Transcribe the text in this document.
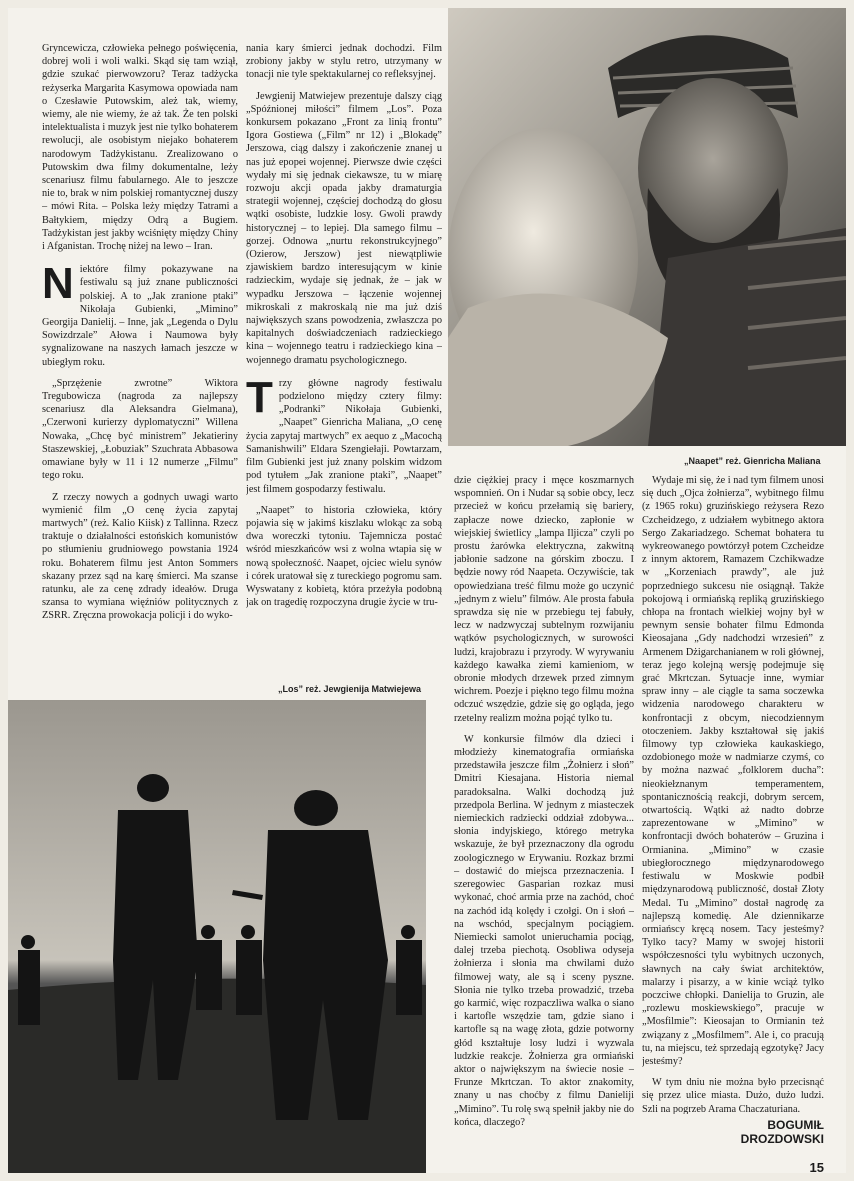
Gryncewicza, człowieka pełnego poświęcenia, dobrej woli i woli walki. Skąd się tam wziął, gdzie szukać pierwowzoru? Teraz tadżycka reżyserka Margarita Kasymowa opowiada nam o Czesławie Putowskim, ależ tak, wiemy, wiemy, ale nie wiemy, że aż tak. Że ten polski intelektualista i muzyk jest nie tylko bohaterem rewolucji, ale osobistym niejako bohaterem narodowym Tadżykistanu. Zrealizowano o Putowskim dwa filmy dokumentalne, leży scenariusz filmu fabularnego. Ale to jeszcze nie to, brak w nim polskiej romantycznej duszy – mówi Rita. – Polska leży między Tatrami a Bałtykiem, między Odrą a Bugiem. Tadżykistan jest jakby wciśnięty między Chiny i Afganistan. Trochę niżej na lewo – Iran.

Niektóre filmy pokazywane na festiwalu są już znane publiczności polskiej. A to „Jak zranione ptaki” Nikołaja Gubienki, „Mimino” Georgija Danielij. – Inne, jak „Legenda o Dylu Sowizdrzale” Ałowa i Naumowa były sygnalizowane na naszych łamach jeszcze w ubiegłym roku.

„Sprzężenie zwrotne” Wiktora Tregubowicza (nagroda za najlepszy scenariusz dla Aleksandra Gielmana), „Czerwoni kurierzy dyplomatyczni” Willena Nowaka, „Chcę być ministrem” Jekatieriny Staszewskiej, „Łobuziak” Szuchrata Abbasowa omawiane były w 11 i 12 numerze „Filmu” tego roku.

Z rzeczy nowych a godnych uwagi warto wymienić film „O cenę życia zapytaj martwych” (reż. Kalio Kiisk) z Tallinna. Rzecz traktuje o działalności estońskich komunistów po stłumieniu grudniowego powstania 1924 roku. Bohaterem filmu jest Anton Sommers skazany przez sąd na karę śmierci. Ma szanse ratunku, ale za cenę zdrady ideałów. Druga szansa to wymiana więźniów politycznych z ZSRR. Zręczna prowokacja policji i do wyko-

nania kary śmierci jednak dochodzi. Film zrobiony jakby w stylu retro, utrzymany w tonacji nie tyle spektakularnej co refleksyjnej.

Jewgienij Matwiejew prezentuje dalszy ciąg „Spóźnionej miłości” filmem „Los”. Poza konkursem pokazano „Front za linią frontu” Igora Gostiewa („Film” nr 12) i „Blokadę” Jerszowa, ciąg dalszy i zakończenie znanej u nas już epopei wojennej. Pierwsze dwie części wydały mi się jednak ciekawsze, tu w miarę rozwoju akcji opada jakby dramaturgia strategii wojennej, częściej dochodzą do głosu wątki osobiste, ludzkie losy. Gwoli prawdy historycznej – to lepiej. Dla samego filmu – gorzej. Odnowa „nurtu rekonstrukcyjnego” (Ozierow, Jerszow) jest niewątpliwie zjawiskiem bardzo interesującym w kinie radzieckim, wydaje się jednak, że – jak w wypadku Jerszowa – łączenie wojennej mikroskali z makroskalą nie ma już dziś największych szans powodzenia, zwłaszcza po kapitalnych doświadczeniach radzieckiego kina – wojennego teatru i radzieckiego kina – wojennego dramatu psychologicznego.

Trzy główne nagrody festiwalu podzielono między cztery filmy: „Podranki” Nikołaja Gubienki, „Naapet” Gienricha Maliana, „O cenę życia zapytaj martwych” ex aequo z „Macochą Samanishwili” Eldara Szengiełaji. Powtarzam, film Gubienki jest już znany polskim widzom pod tytułem „Jak zranione ptaki”, „Naapet” jest filmem gospodarzy festiwalu.

„Naapet” to historia człowieka, który pojawia się w jakimś kiszlaku wlokąc za sobą dwa woreczki tytoniu. Tajemnicza postać wśród mieszkańców wsi z wolna wtapia się w nową społeczność. Naapet, ojciec wielu synów i córek uratował się z tureckiego pogromu sam. Wyswatany z kobietą, która przeżyła podobną jak on tragedię rozpoczyna drugie życie w tru-

„Los” reż. Jewgienija Matwiejewa
„Naapet” reż. Gienricha Maliana

dzie ciężkiej pracy i męce koszmarnych wspomnień. On i Nudar są sobie obcy, lecz przecież w końcu przełamią się bariery, zapłacze nowe dziecko, zapłonie w wiejskiej świetlicy „lampa Iljicza” czyli po prostu żarówka elektryczna, zakwitną jabłonie sadzone na górskim zboczu. I będzie nowy ród Naapeta. Oczywiście, tak opowiedziana treść filmu może go uczynić „jednym z wielu” filmów. Ale prosta fabuła sprawdza się nie w przebiegu tej fabuły, lecz w nadzwyczaj subtelnym rozwijaniu wątków psychologicznych, w surowości ludzi, krajobrazu i przyrody. W wyrywaniu każdego kawałka ziemi kamieniom, w obronie młodych drzewek przed zimnym wichrem. Poezje i piękno tego filmu można odczuć wszędzie, gdzie się go ogląda, jego rzetelny realizm można pojąć tylko tu.

W konkursie filmów dla dzieci i młodzieży kinematografia ormiańska przedstawiła jeszcze film „Żołnierz i słoń” Dmitri Kiesajana. Historia niemal paradoksalna. Walki dochodzą już przedpola Berlina. W jednym z miasteczek niemieckich radziecki oddział zdobywa... słonia indyjskiego, którego metryka wskazuje, że był przeznaczony dla ogrodu zoologicznego w Erywaniu. Rozkaz brzmi – dostawić do miejsca przeznaczenia. I szeregowiec Gasparian rozkaz musi wykonać, choć armia prze na zachód, choć na zachód idą kolędy i czołgi. On i słoń – na wschód, specjalnym pociągiem. Niemiecki samolot unieruchamia pociąg, dalej trzeba piechotą. Osobliwa odyseja żołnierza i słonia ma chwilami dużo filmowej waty, ale są i sceny pyszne. Słonia nie tylko trzeba prowadzić, trzeba go karmić, więc rozpaczliwa walka o siano i kartofle wszędzie tam, gdzie siano i kartofle są na wagę złota, gdzie potworny głód kształtuje losy ludzi i wyzwala ludzkie reakcje. Żołnierza gra ormiański aktor o największym na świecie nosie – Frunze Mkrtczan. To aktor znakomity, znany u nas choćby z filmu Danieliji „Mimino”. Tu rolę swą spełnił jakby nie do końca, dlaczego?

Wydaje mi się, że i nad tym filmem unosi się duch „Ojca żołnierza”, wybitnego filmu (z 1965 roku) gruzińskiego reżysera Rezo Czcheidzego, z udziałem wybitnego aktora Sergo Zakariadzego. Schemat bohatera tu wykreowanego powtórzył potem Czcheidze z innym aktorem, Ramazem Czchikwadze w „Korzeniach prawdy”, ale już poprzedniego sukcesu nie osiągnął. Także pokojową i ormiańską repliką gruzińskiego chłopa na frontach wielkiej wojny był w pewnym sensie bohater filmu Edmonda Kieosajana „Gdy nadchodzi wrzesień” z Armenem Dżigarchanianem w roli głównej, teraz jego kolejną wersję podejmuje się grać Mkrtczan. Sytuacje inne, wymiar spraw inny – ale ciągle ta sama soczewka widzenia narodowego charakteru w konfrontacji z obcym, niecodziennym otoczeniem. Jakby kształtował się jakiś filmowy typ człowieka kaukaskiego, ozdobionego może w nadmiarze czymś, co by można nazwać „folklorem ducha”: nieokiełznanym temperamentem, spontanicznością reakcji, dobrym sercem, otwartością. Wątki aż nadto dobrze zaprezentowane w „Mimino” w konfrontacji dwóch bohaterów – Gruzina i Ormianina. „Mimino” w czasie ubiegłorocznego międzynarodowego festiwalu w Moskwie podbił międzynarodową publiczność, dostał Złoty Medal. Tu „Mimino” dostał nagrodę za najlepszą komedię. Ale dziennikarze ormiańscy kręcą nosem. Tacy jesteśmy? Tylko tacy? Mamy w swojej historii współczesności tylu wybitnych uczonych, sławnych na cały świat architektów, malarzy i pisarzy, a w kinie wciąż tylko poczciwe chłopki. Danielija to Gruzin, ale „rozlewu moskiewskiego”, pracuje w „Mosfilmie”: Kieosajan to Ormianin też związany z „Mosfilmem”. Ale i, co pracują tu, na miejscu, też sprzedają egzotykę? Jacy jesteśmy?

W tym dniu nie można było przecisnąć się przez ulice miasta. Dużo, dużo ludzi. Szli na pogrzeb Arama Chaczaturiana.

BOGUMIŁ
DROZDOWSKI
15
